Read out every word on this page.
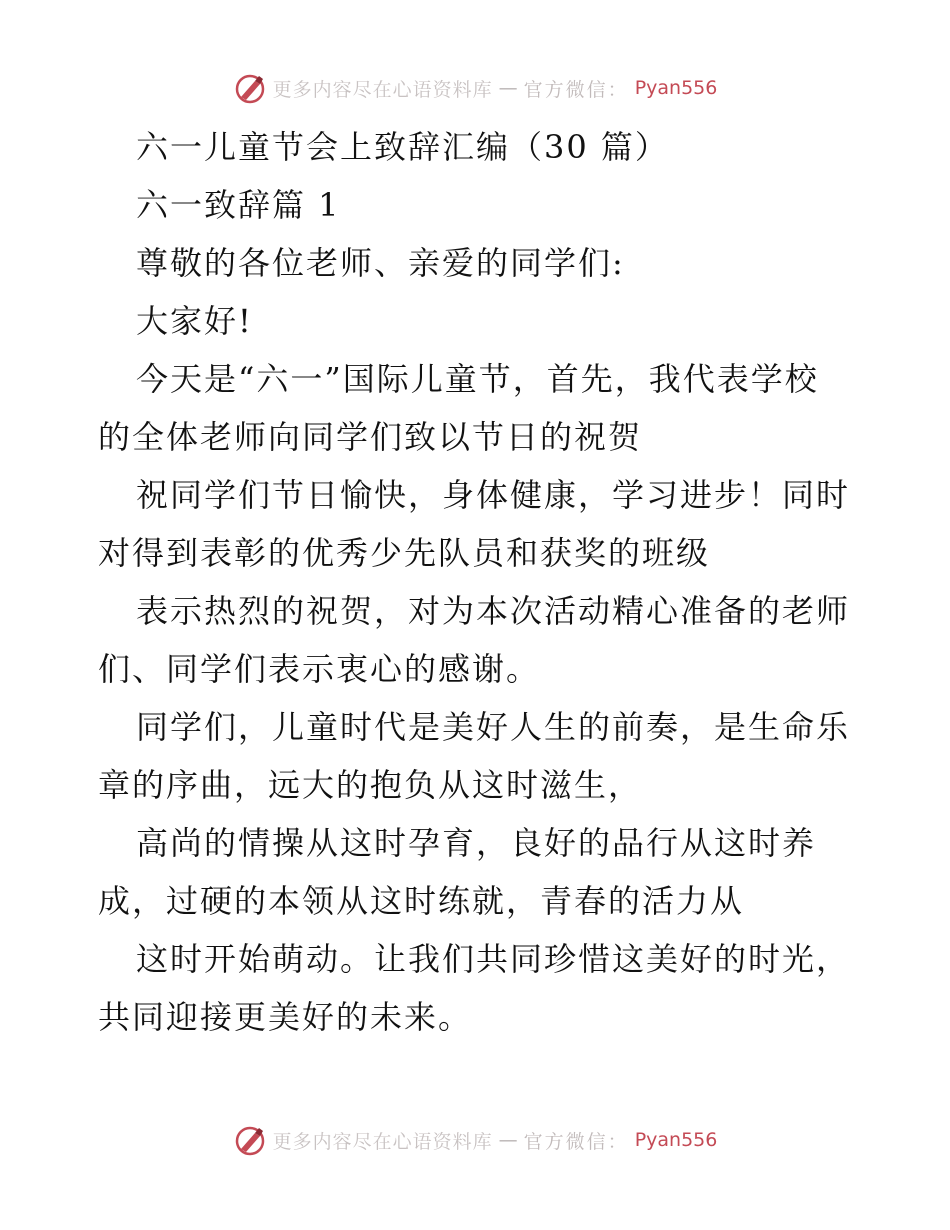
更多内容尽在心语资料库 — 官方微信： Pyan556
六一儿童节会上致辞汇编（30 篇）
六一致辞篇 1
尊敬的各位老师、亲爱的同学们:
大家好!
今天是“六一”国际儿童节，首先，我代表学校
的全体老师向同学们致以节日的祝贺
祝同学们节日愉快，身体健康，学习进步！同时
对得到表彰的优秀少先队员和获奖的班级
表示热烈的祝贺，对为本次活动精心准备的老师
们、同学们表示衷心的感谢。
同学们，儿童时代是美好人生的前奏，是生命乐
章的序曲，远大的抱负从这时滋生，
高尚的情操从这时孕育，良好的品行从这时养
成，过硬的本领从这时练就，青春的活力从
这时开始萌动。让我们共同珍惜这美好的时光，
共同迎接更美好的未来。
更多内容尽在心语资料库 — 官方微信： Pyan556
